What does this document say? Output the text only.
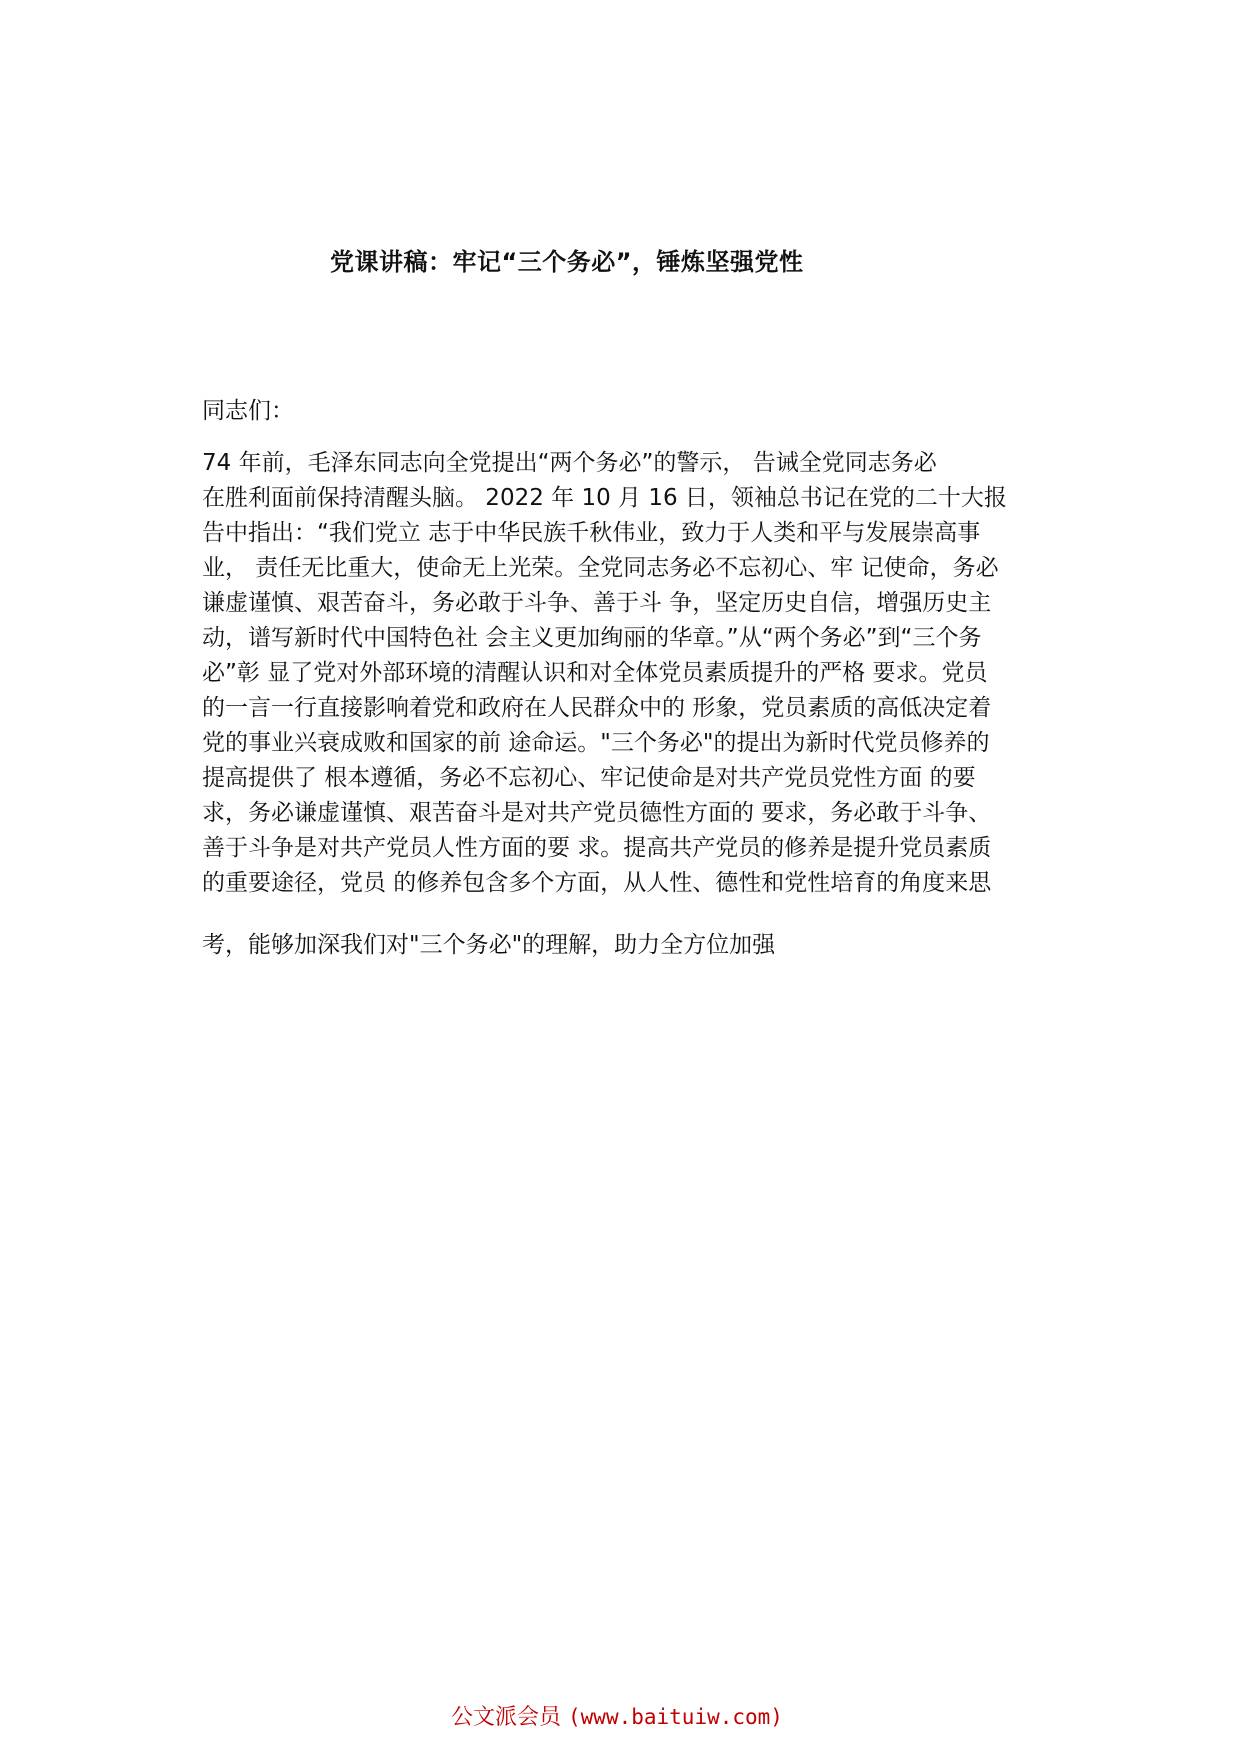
党课讲稿：牢记“三个务必”，锤炼坚强党性
同志们：
74 年前，毛泽东同志向全党提出“两个务必”的警示， 告诫全党同志务必
在胜利面前保持清醒头脑。 2022 年 10 月 16 日，领袖总书记在党的二十大报
告中指出：“我们党立 志于中华民族千秋伟业，致力于人类和平与发展崇高事
业， 责任无比重大，使命无上光荣。全党同志务必不忘初心、牢 记使命，务必
谦虚谨慎、艰苦奋斗，务必敢于斗争、善于斗 争，坚定历史自信，增强历史主
动，谱写新时代中国特色社 会主义更加绚丽的华章。”从“两个务必”到“三个务
必”彰 显了党对外部环境的清醒认识和对全体党员素质提升的严格 要求。党员
的一言一行直接影响着党和政府在人民群众中的 形象，党员素质的高低决定着
党的事业兴衰成败和国家的前 途命运。"三个务必"的提出为新时代党员修养的
提高提供了 根本遵循，务必不忘初心、牢记使命是对共产党员党性方面 的要
求，务必谦虚谨慎、艰苦奋斗是对共产党员德性方面的 要求，务必敢于斗争、
善于斗争是对共产党员人性方面的要 求。提高共产党员的修养是提升党员素质
的重要途径，党员 的修养包含多个方面，从人性、德性和党性培育的角度来思
考，能够加深我们对"三个务必"的理解，助力全方位加强
公文派会员 (www.baituiw.com)
